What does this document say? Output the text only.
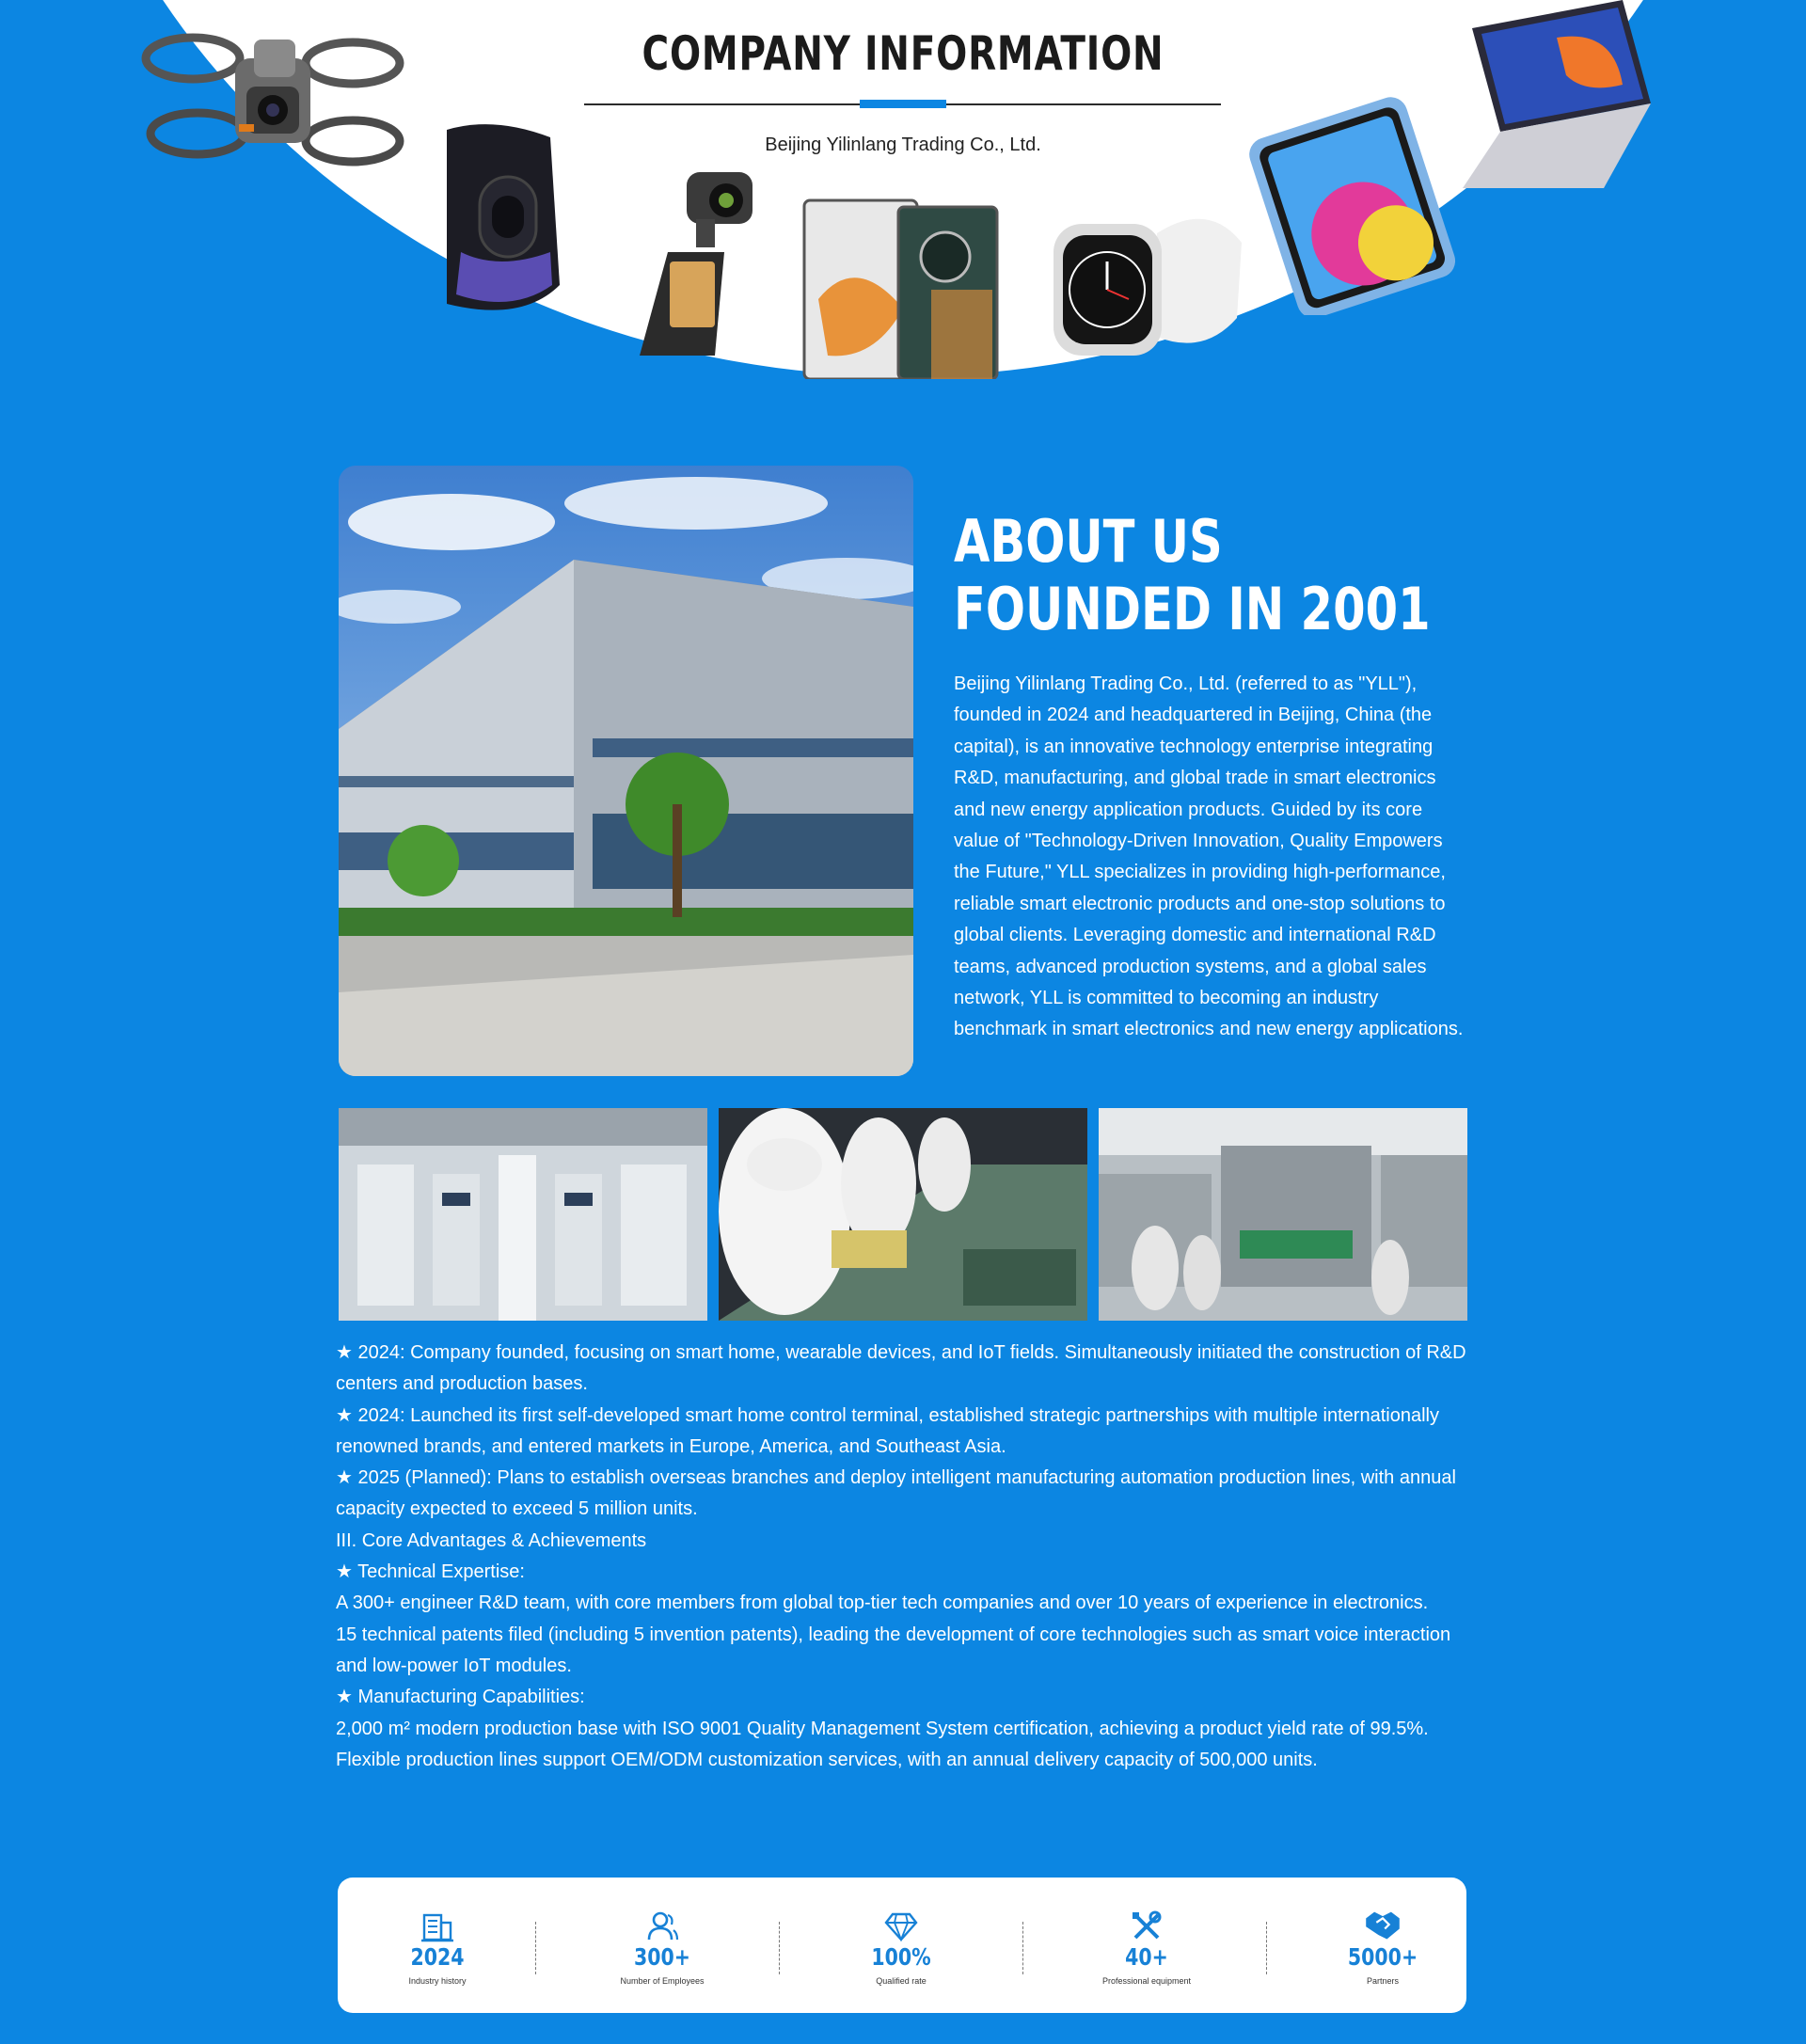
COMPANY INFORMATION
Beijing Yilinlang Trading Co., Ltd.
ABOUT US
FOUNDED IN 2001
Beijing Yilinlang Trading Co., Ltd. (referred to as "YLL"), founded in 2024 and headquartered in Beijing, China (the capital), is an innovative technology enterprise integrating R&D, manufacturing, and global trade in smart electronics and new energy application products. Guided by its core value of "Technology-Driven Innovation, Quality Empowers the Future," YLL specializes in providing high-performance, reliable smart electronic products and one-stop solutions to global clients. Leveraging domestic and international R&D teams, advanced production systems, and a global sales network, YLL is committed to becoming an industry benchmark in smart electronics and new energy applications.

★ 2024: Company founded, focusing on smart home, wearable devices, and IoT fields. Simultaneously initiated the construction of R&D centers and production bases.

★ 2024: Launched its first self-developed smart home control terminal, established strategic partnerships with multiple internationally renowned brands, and entered markets in Europe, America, and Southeast Asia.

★ 2025 (Planned): Plans to establish overseas branches and deploy intelligent manufacturing automation production lines, with annual capacity expected to exceed 5 million units.

III. Core Advantages & Achievements

★ Technical Expertise:

A 300+ engineer R&D team, with core members from global top-tier tech companies and over 10 years of experience in electronics.

15 technical patents filed (including 5 invention patents), leading the development of core technologies such as smart voice interaction and low-power IoT modules.

★ Manufacturing Capabilities:

2,000 m² modern production base with ISO 9001 Quality Management System certification, achieving a product yield rate of 99.5%.

Flexible production lines support OEM/ODM customization services, with an annual delivery capacity of 500,000 units.

2024
Industry history
300+
Number of Employees
100%
Qualified rate
40+
Professional equipment
5000+
Partners
